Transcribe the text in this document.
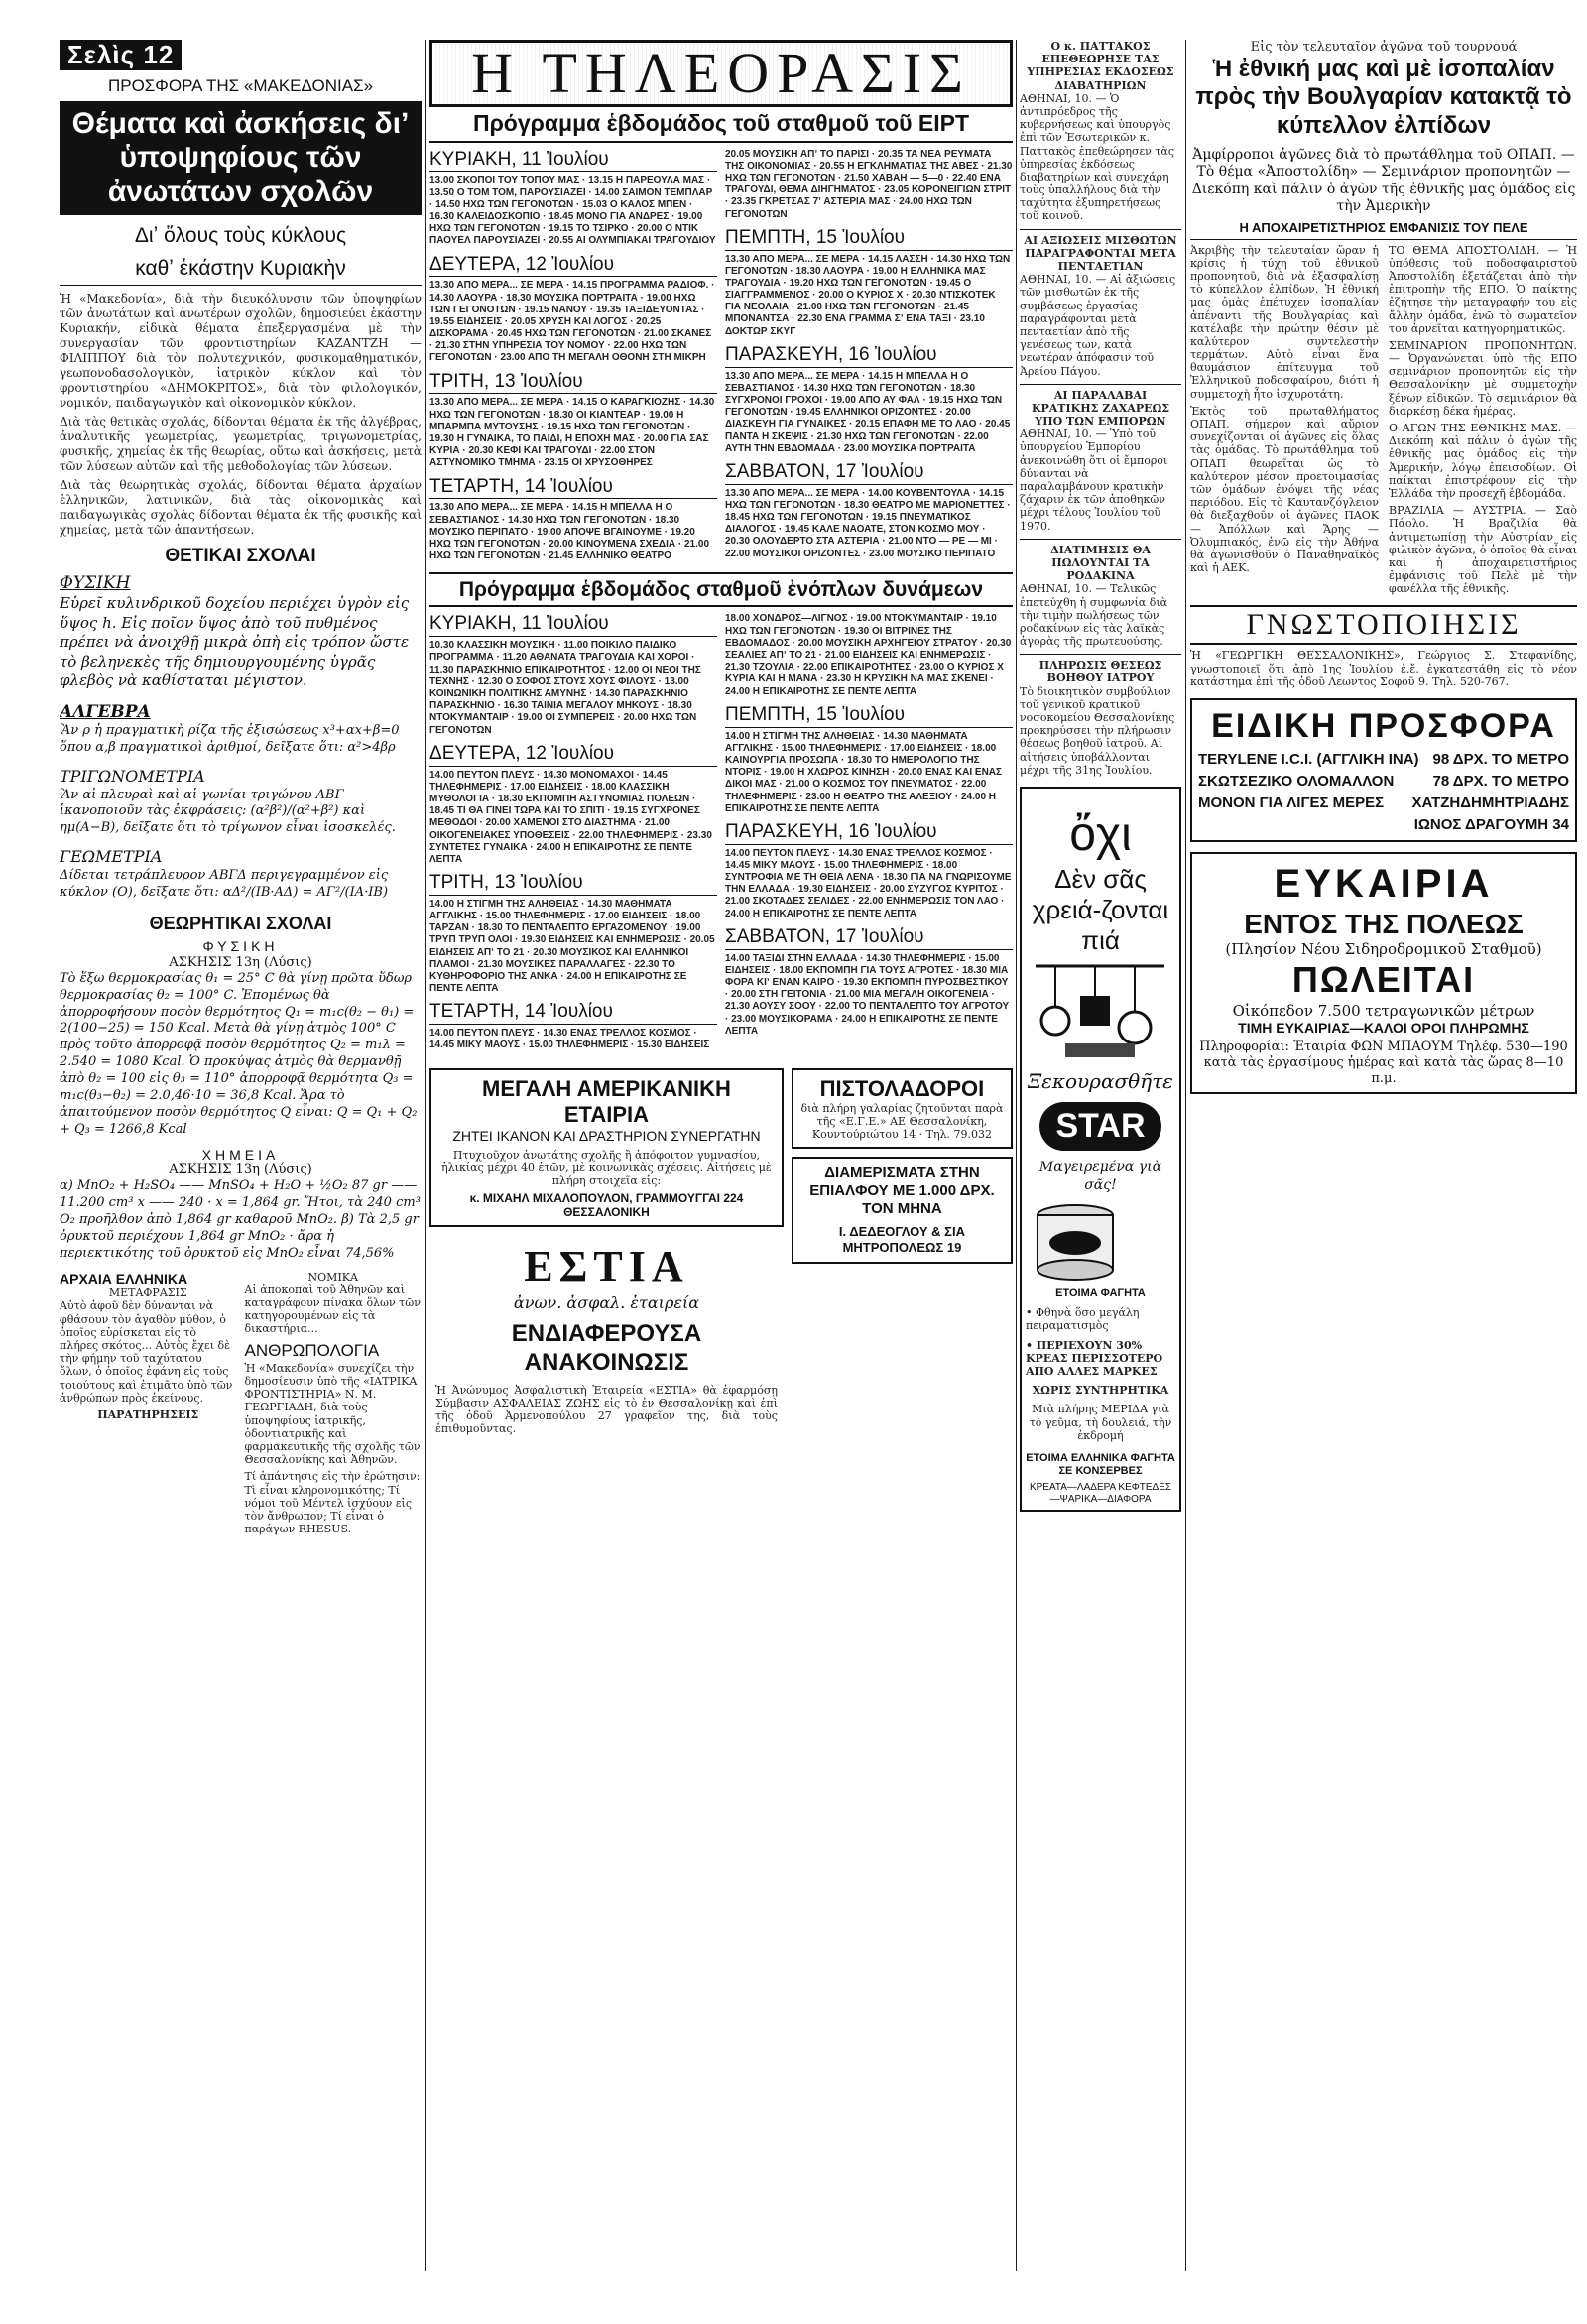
Σελὶς 12
ΠΡΟΣΦΟΡΑ ΤΗΣ «ΜΑΚΕΔΟΝΙΑΣ»
Θέματα καὶ ἀσκήσεις διʼ ὑποψηφίους τῶν ἀνωτάτων σχολῶν
Διʼ ὅλους τοὺς κύκλους
καθʼ ἑκάστην Κυριακὴν

Ἡ «Μακεδονία», διὰ τὴν διευκόλυνσιν τῶν ὑποψηφίων τῶν ἀνωτάτων καὶ ἀνωτέρων σχολῶν, δημοσιεύει ἑκάστην Κυριακήν, εἰδικὰ θέματα ἐπεξεργασμένα μὲ τὴν συνεργασίαν τῶν φροντιστηρίων ΚΑΖΑΝΤΖΗ — ΦΙΛΙΠΠΟΥ διὰ τὸν πολυτεχνικόν, φυσικομαθηματικόν, γεωπονοδασολογικὸν, ἰατρικὸν κύκλον καὶ τὸν φροντιστηρίου «ΔΗΜΟΚΡΙΤΟΣ», διὰ τὸν φιλολογικόν, νομικόν, παιδαγωγικὸν καὶ οἰκονομικὸν κύκλον.

Διὰ τὰς θετικὰς σχολάς, δίδονται θέματα ἐκ τῆς ἀλγέβρας, ἀναλυτικῆς γεωμετρίας, γεωμετρίας, τριγωνομετρίας, φυσικῆς, χημείας ἐκ τῆς θεωρίας, οὕτω καὶ ἀσκήσεις, μετὰ τῶν λύσεων αὐτῶν καὶ τῆς μεθοδολογίας τῶν λύσεων.

Διὰ τὰς θεωρητικὰς σχολάς, δίδονται θέματα ἀρχαίων ἑλληνικῶν, λατινικῶν, διὰ τὰς οἰκονομικὰς καὶ παιδαγωγικὰς σχολὰς δίδονται θέματα ἐκ τῆς φυσικῆς καὶ χημείας, μετὰ τῶν ἀπαντήσεων.

ΘΕΤΙΚΑΙ ΣΧΟΛΑΙ
ΦΥΣΙΚΗ

Εὑρεῖ κυλινδρικοῦ δοχείου περιέχει ὑγρὸν εἰς ὕψος h. Εἰς ποῖον ὕψος ἀπὸ τοῦ πυθμένος πρέπει νὰ ἀνοιχθῇ μικρὰ ὀπὴ εἰς τρόπον ὥστε τὸ βεληνεκὲς τῆς δημιουργουμένης ὑγρᾶς φλεβὸς νὰ καθίσταται μέγιστον.

ΑΛΓΕΒΡΑ

Ἂν ρ ἡ πραγματικὴ ρίζα τῆς ἐξισώσεως x³+αx+β=0 ὅπου α,β πραγματικοὶ ἀριθμοί, δεῖξατε ὅτι: α²>4βρ

ΤΡΙΓΩΝΟΜΕΤΡΙΑ

Ἂν αἱ πλευραὶ καὶ αἱ γωνίαι τριγώνου ΑΒΓ ἱκανοποιοῦν τὰς ἐκφράσεις: (α²β²)/(α²+β²) καὶ ημ(Α−Β), δεῖξατε ὅτι τὸ τρίγωνον εἶναι ἰσοσκελές.

ΓΕΩΜΕΤΡΙΑ

Δίδεται τετράπλευρον ΑΒΓΔ περιγεγραμμένον εἰς κύκλον (Ο), δεῖξατε ὅτι: αΔ²/(ΙΒ·ΑΔ) = ΑΓ²/(ΙΑ·ΙΒ)

ΘΕΩΡΗΤΙΚΑΙ ΣΧΟΛΑΙ
ΦΥΣΙΚΗ
ΑΣΚΗΣΙΣ 13η (Λύσις)

Τὸ ἕξω θερμοκρασίας θ₁ = 25° C θὰ γίνῃ πρῶτα ὕδωρ θερμοκρασίας θ₂ = 100° C. Ἐπομένως θὰ ἀπορροφήσουν ποσὸν θερμότητος Q₁ = m₁c(θ₂ − θ₁) = 2(100−25) = 150 Kcal. Μετὰ θὰ γίνῃ ἀτμὸς 100° C πρὸς τοῦτο ἀπορροφᾷ ποσὸν θερμότητος Q₂ = m₁λ = 2.540 = 1080 Kcal. Ὁ προκύψας ἀτμὸς θὰ θερμανθῇ ἀπὸ θ₂ = 100 εἰς θ₃ = 110° ἀπορροφᾷ θερμότητα Q₃ = m₁c(θ₃−θ₂) = 2.0,46·10 = 36,8 Kcal. Ἄρα τὸ ἀπαιτούμενον ποσὸν θερμότητος Q εἶναι: Q = Q₁ + Q₂ + Q₃ = 1266,8 Kcal

ΧΗΜΕΙΑ
ΑΣΚΗΣΙΣ 13η (Λύσις)

α) MnO₂ + H₂SO₄ —— MnSO₄ + H₂O + ½O₂ 87 gr —— 11.200 cm³ x —— 240 · x = 1,864 gr. Ἤτοι, τὰ 240 cm³ O₂ προῆλθον ἀπὸ 1,864 gr καθαροῦ MnO₂. β) Τὰ 2,5 gr ὀρυκτοῦ περιέχουν 1,864 gr MnO₂ · ἄρα ἡ περιεκτικότης τοῦ ὀρυκτοῦ εἰς MnO₂ εἶναι 74,56%

ΑΡΧΑΙΑ ΕΛΛΗΝΙΚΑ
ΜΕΤΑΦΡΑΣΙΣ

Αὐτὸ ἀφοῦ δὲν δύνανται νὰ φθάσουν τὸν ἀγαθὸν μύθον, ὁ ὁποῖος εὑρίσκεται εἰς τὸ πλήρες σκότος... Αὐτὸς ἔχει δὲ τὴν φήμην τοῦ ταχύτατου ὅλων, ὁ ὁποῖος ἐφάνη εἰς τοὺς τοιούτους καὶ ἐτιμᾶτο ὑπὸ τῶν ἀνθρώπων πρὸς ἐκείνους.

ΠΑΡΑΤΗΡΗΣΕΙΣ
ΝΟΜΙΚΑ

Αἱ ἀποκοπαὶ τοῦ Ἀθηνῶν καὶ καταγράφουν πίνακα ὅλων τῶν κατηγορουμένων εἰς τὰ δικαστήρια...

ΑΝΘΡΩΠΟΛΟΓΙΑ

Ἡ «Μακεδονία» συνεχίζει τὴν δημοσίευσιν ὑπὸ τῆς «ΙΑΤΡΙΚΑ ΦΡΟΝΤΙΣΤΗΡΙΑ» Ν. Μ. ΓΕΩΡΓΙΑΔΗ, διὰ τοὺς ὑποψηφίους ἰατρικῆς, ὀδοντιατρικῆς καὶ φαρμακευτικῆς τῆς σχολῆς τῶν Θεσσαλονίκης καὶ Ἀθηνῶν.

Τί ἀπάντησις εἰς τὴν ἐρώτησιν: Τὶ εἶναι κληρονομικότης; Τί νόμοι τοῦ Μέντελ ἰσχύουν εἰς τὸν ἄνθρωπον; Τί εἶναι ὁ παράγων RHESUS.

Η ΤΗΛΕΟΡΑΣΙΣ
Πρόγραμμα ἑβδομάδος τοῦ σταθμοῦ τοῦ ΕΙΡΤ
ΚΥΡΙΑΚΗ, 11 Ἰουλίου
13.00 ΣΚΟΠΟΙ ΤΟΥ ΤΟΠΟΥ ΜΑΣ · 13.15 Η ΠΑΡΕΟΥΛΑ ΜΑΣ · 13.50 Ο ΤΟΜ ΤΟΜ, ΠΑΡΟΥΣΙΑΖΕΙ · 14.00 ΣΑΙΜΟΝ ΤΕΜΠΛΑΡ · 14.50 ΗΧΩ ΤΩΝ ΓΕΓΟΝΟΤΩΝ · 15.03 Ο ΚΑΛΟΣ ΜΠΕΝ · 16.30 ΚΑΛΕΙΔΟΣΚΟΠΙΟ · 18.45 ΜΟΝΟ ΓΙΑ ΑΝΔΡΕΣ · 19.00 ΗΧΩ ΤΩΝ ΓΕΓΟΝΟΤΩΝ · 19.15 ΤΟ ΤΣΙΡΚΟ · 20.00 Ο ΝΤΙΚ ΠΑΟΥΕΛ ΠΑΡΟΥΣΙΑΖΕΙ · 20.55 ΑΙ ΟΛΥΜΠΙΑΚΑΙ ΤΡΑΓΟΥΔΙΟΥ
ΔΕΥΤΕΡΑ, 12 Ἰουλίου
13.30 ΑΠΟ ΜΕΡΑ... ΣΕ ΜΕΡΑ · 14.15 ΠΡΟΓΡΑΜΜΑ ΡΑΔΙΟΦ. · 14.30 ΛΑΟΥΡΑ · 18.30 ΜΟΥΣΙΚΑ ΠΟΡΤΡΑΙΤΑ · 19.00 ΗΧΩ ΤΩΝ ΓΕΓΟΝΟΤΩΝ · 19.15 ΝΑΝΟΥ · 19.35 ΤΑΞΙΔΕΥΟΝΤΑΣ · 19.55 ΕΙΔΗΣΕΙΣ · 20.05 ΧΡΥΣΗ ΚΑΙ ΛΟΓΟΣ · 20.25 ΔΙΣΚΟΡΑΜΑ · 20.45 ΗΧΩ ΤΩΝ ΓΕΓΟΝΟΤΩΝ · 21.00 ΣΚΑΝΕΣ · 21.30 ΣΤΗΝ ΥΠΗΡΕΣΙΑ ΤΟΥ ΝΟΜΟΥ · 22.00 ΗΧΩ ΤΩΝ ΓΕΓΟΝΟΤΩΝ · 23.00 ΑΠΟ ΤΗ ΜΕΓΑΛΗ ΟΘΟΝΗ ΣΤΗ ΜΙΚΡΗ
ΤΡΙΤΗ, 13 Ἰουλίου
13.30 ΑΠΟ ΜΕΡΑ... ΣΕ ΜΕΡΑ · 14.15 Ο ΚΑΡΑΓΚΙΟΖΗΣ · 14.30 ΗΧΩ ΤΩΝ ΓΕΓΟΝΟΤΩΝ · 18.30 ΟΙ ΚΙΑΝΤΕΑΡ · 19.00 Η ΜΠΑΡΜΠΑ ΜΥΤΟΥΣΗΣ · 19.15 ΗΧΩ ΤΩΝ ΓΕΓΟΝΟΤΩΝ · 19.30 Η ΓΥΝΑΙΚΑ, ΤΟ ΠΑΙΔΙ, Η ΕΠΟΧΗ ΜΑΣ · 20.00 ΓΙΑ ΣΑΣ ΚΥΡΙΑ · 20.30 ΚΕΦΙ ΚΑΙ ΤΡΑΓΟΥΔΙ · 22.00 ΣΤΟΝ ΑΣΤΥΝΟΜΙΚΟ ΤΜΗΜΑ · 23.15 ΟΙ ΧΡΥΣΟΘΗΡΕΣ
ΤΕΤΑΡΤΗ, 14 Ἰουλίου
13.30 ΑΠΟ ΜΕΡΑ... ΣΕ ΜΕΡΑ · 14.15 Η ΜΠΕΛΛΑ Η Ο ΣΕΒΑΣΤΙΑΝΟΣ · 14.30 ΗΧΩ ΤΩΝ ΓΕΓΟΝΟΤΩΝ · 18.30 ΜΟΥΣΙΚΟ ΠΕΡΙΠΑΤΟ · 19.00 ΑΠΟΨΕ ΒΓΑΙΝΟΥΜΕ · 19.20 ΗΧΩ ΤΩΝ ΓΕΓΟΝΟΤΩΝ · 20.00 ΚΙΝΟΥΜΕΝΑ ΣΧΕΔΙΑ · 21.00 ΗΧΩ ΤΩΝ ΓΕΓΟΝΟΤΩΝ · 21.45 ΕΛΛΗΝΙΚΟ ΘΕΑΤΡΟ
20.05 ΜΟΥΣΙΚΗ ΑΠʼ ΤΟ ΠΑΡΙΣΙ · 20.35 ΤΑ ΝΕΑ ΡΕΥΜΑΤΑ ΤΗΣ ΟΙΚΟΝΟΜΙΑΣ · 20.55 Η ΕΓΚΛΗΜΑΤΙΑΣ ΤΗΣ ΑΒΕΣ · 21.30 ΗΧΩ ΤΩΝ ΓΕΓΟΝΟΤΩΝ · 21.50 ΧΑΒΑΗ — 5—0 · 22.40 ΕΝΑ ΤΡΑΓΟΥΔΙ, ΘΕΜΑ ΔΙΗΓΗΜΑΤΟΣ · 23.05 ΚΟΡΟΝΕΙΓΙΩΝ ΣΤΡΙΤ · 23.35 ΓΚΡΕΤΣΑΣ 7ʼ ΑΣΤΕΡΙΑ ΜΑΣ · 24.00 ΗΧΩ ΤΩΝ ΓΕΓΟΝΟΤΩΝ
ΠΕΜΠΤΗ, 15 Ἰουλίου
13.30 ΑΠΟ ΜΕΡΑ... ΣΕ ΜΕΡΑ · 14.15 ΛΑΣΣΗ · 14.30 ΗΧΩ ΤΩΝ ΓΕΓΟΝΟΤΩΝ · 18.30 ΛΑΟΥΡΑ · 19.00 Η ΕΛΛΗΝΙΚΑ ΜΑΣ ΤΡΑΓΟΥΔΙΑ · 19.20 ΗΧΩ ΤΩΝ ΓΕΓΟΝΟΤΩΝ · 19.45 Ο ΣΙΑΓΓΡΑΜΜΕΝΟΣ · 20.00 Ο ΚΥΡΙΟΣ Χ · 20.30 ΝΤΙΣΚΟΤΕΚ ΓΙΑ ΝΕΟΛΑΙΑ · 21.00 ΗΧΩ ΤΩΝ ΓΕΓΟΝΟΤΩΝ · 21.45 ΜΠΟΝΑΝΤΣΑ · 22.30 ΕΝΑ ΓΡΑΜΜΑ Σʼ ΕΝΑ ΤΑΞΙ · 23.10 ΔΟΚΤΩΡ ΣΚΥΓ
ΠΑΡΑΣΚΕΥΗ, 16 Ἰουλίου
13.30 ΑΠΟ ΜΕΡΑ... ΣΕ ΜΕΡΑ · 14.15 Η ΜΠΕΛΛΑ Η Ο ΣΕΒΑΣΤΙΑΝΟΣ · 14.30 ΗΧΩ ΤΩΝ ΓΕΓΟΝΟΤΩΝ · 18.30 ΣΥΓΧΡΟΝΟΙ ΓΡΟΧΟΙ · 19.00 ΑΠΟ ΑΥ ΦΑΛ · 19.15 ΗΧΩ ΤΩΝ ΓΕΓΟΝΟΤΩΝ · 19.45 ΕΛΛΗΝΙΚΟΙ ΟΡΙΖΟΝΤΕΣ · 20.00 ΔΙΑΣΚΕΥΗ ΓΙΑ ΓΥΝΑΙΚΕΣ · 20.15 ΕΠΑΦΗ ΜΕ ΤΟ ΛΑΟ · 20.45 ΠΑΝΤΑ Η ΣΚΕΨΙΣ · 21.30 ΗΧΩ ΤΩΝ ΓΕΓΟΝΟΤΩΝ · 22.00 ΑΥΤΗ ΤΗΝ ΕΒΔΟΜΑΔΑ · 23.00 ΜΟΥΣΙΚΑ ΠΟΡΤΡΑΙΤΑ
ΣΑΒΒΑΤΟΝ, 17 Ἰουλίου
13.30 ΑΠΟ ΜΕΡΑ... ΣΕ ΜΕΡΑ · 14.00 ΚΟΥΒΕΝΤΟΥΛΑ · 14.15 ΗΧΩ ΤΩΝ ΓΕΓΟΝΟΤΩΝ · 18.30 ΘΕΑΤΡΟ ΜΕ ΜΑΡΙΟΝΕΤΤΕΣ · 18.45 ΗΧΩ ΤΩΝ ΓΕΓΟΝΟΤΩΝ · 19.15 ΠΝΕΥΜΑΤΙΚΟΣ ΔΙΑΛΟΓΟΣ · 19.45 ΚΑΛΕ ΝΑΟΑΤΕ, ΣΤΟΝ ΚΟΣΜΟ ΜΟΥ · 20.30 ΟΛΟΥΔΕΡΤΟ ΣΤΑ ΑΣΤΕΡΙΑ · 21.00 ΝΤΟ — ΡΕ — ΜΙ · 22.00 ΜΟΥΣΙΚΟΙ ΟΡΙΖΟΝΤΕΣ · 23.00 ΜΟΥΣΙΚΟ ΠΕΡΙΠΑΤΟ
Πρόγραμμα ἑβδομάδος σταθμοῦ ἐνόπλων δυνάμεων
ΚΥΡΙΑΚΗ, 11 Ἰουλίου
10.30 ΚΛΑΣΣΙΚΗ ΜΟΥΣΙΚΗ · 11.00 ΠΟΙΚΙΛΟ ΠΑΙΔΙΚΟ ΠΡΟΓΡΑΜΜΑ · 11.20 ΑΘΑΝΑΤΑ ΤΡΑΓΟΥΔΙΑ ΚΑΙ ΧΟΡΟΙ · 11.30 ΠΑΡΑΣΚΗΝΙΟ ΕΠΙΚΑΙΡΟΤΗΤΟΣ · 12.00 ΟΙ ΝΕΟΙ ΤΗΣ ΤΕΧΝΗΣ · 12.30 Ο ΣΟΦΟΣ ΣΤΟΥΣ ΧΟΥΣ ΦΙΛΟΥΣ · 13.00 ΚΟΙΝΩΝΙΚΗ ΠΟΛΙΤΙΚΗΣ ΑΜΥΝΗΣ · 14.30 ΠΑΡΑΣΚΗΝΙΟ ΠΑΡΑΣΚΗΝΙΟ · 16.30 ΤΑΙΝΙΑ ΜΕΓΑΛΟΥ ΜΗΚΟΥΣ · 18.30 ΝΤΟΚΥΜΑΝΤΑΙΡ · 19.00 ΟΙ ΣΥΜΠΕΡΕΙΣ · 20.00 ΗΧΩ ΤΩΝ ΓΕΓΟΝΟΤΩΝ
ΔΕΥΤΕΡΑ, 12 Ἰουλίου
14.00 ΠΕΥΤΟΝ ΠΛΕΥΣ · 14.30 ΜΟΝΟΜΑΧΟΙ · 14.45 ΤΗΛΕΦΗΜΕΡΙΣ · 17.00 ΕΙΔΗΣΕΙΣ · 18.00 ΚΛΑΣΣΙΚΗ ΜΥΘΟΛΟΓΙΑ · 18.30 ΕΚΠΟΜΠΗ ΑΣΤΥΝΟΜΙΑΣ ΠΟΛΕΩΝ · 18.45 ΤΙ ΘΑ ΓΙΝΕΙ ΤΩΡΑ ΚΑΙ ΤΟ ΣΠΙΤΙ · 19.15 ΣΥΓΧΡΟΝΕΣ ΜΕΘΟΔΟΙ · 20.00 ΧΑΜΕΝΟΙ ΣΤΟ ΔΙΑΣΤΗΜΑ · 21.00 ΟΙΚΟΓΕΝΕΙΑΚΕΣ ΥΠΟΘΕΣΕΙΣ · 22.00 ΤΗΛΕΦΗΜΕΡΙΣ · 23.30 ΣΥΝΤΕΤΕΣ ΓΥΝΑΙΚΑ · 24.00 Η ΕΠΙΚΑΙΡΟΤΗΣ ΣΕ ΠΕΝΤΕ ΛΕΠΤΑ
ΤΡΙΤΗ, 13 Ἰουλίου
14.00 Η ΣΤΙΓΜΗ ΤΗΣ ΑΛΗΘΕΙΑΣ · 14.30 ΜΑΘΗΜΑΤΑ ΑΓΓΛΙΚΗΣ · 15.00 ΤΗΛΕΦΗΜΕΡΙΣ · 17.00 ΕΙΔΗΣΕΙΣ · 18.00 ΤΑΡΖΑΝ · 18.30 ΤΟ ΠΕΝΤΑΛΕΠΤΟ ΕΡΓΑΖΟΜΕΝΟΥ · 19.00 ΤΡΥΠ ΤΡΥΠ ΟΛΟΙ · 19.30 ΕΙΔΗΣΕΙΣ ΚΑΙ ΕΝΗΜΕΡΩΣΙΣ · 20.05 ΕΙΔΗΣΕΙΣ ΑΠʼ ΤΟ 21 · 20.30 ΜΟΥΣΙΚΟΣ ΚΑΙ ΕΛΛΗΝΙΚΟΙ ΠΛΑΜΟΙ · 21.30 ΜΟΥΣΙΚΕΣ ΠΑΡΑΛΛΑΓΕΣ · 22.30 ΤΟ ΚΥΘΗΡΟΦΟΡΙΟ ΤΗΣ ΑΝΚΑ · 24.00 Η ΕΠΙΚΑΙΡΟΤΗΣ ΣΕ ΠΕΝΤΕ ΛΕΠΤΑ
ΤΕΤΑΡΤΗ, 14 Ἰουλίου
14.00 ΠΕΥΤΟΝ ΠΛΕΥΣ · 14.30 ΕΝΑΣ ΤΡΕΛΛΟΣ ΚΟΣΜΟΣ · 14.45 ΜΙΚΥ ΜΑΟΥΣ · 15.00 ΤΗΛΕΦΗΜΕΡΙΣ · 15.30 ΕΙΔΗΣΕΙΣ
18.00 ΧΟΝΔΡΟΣ—ΛΙΓΝΟΣ · 19.00 ΝΤΟΚΥΜΑΝΤΑΙΡ · 19.10 ΗΧΩ ΤΩΝ ΓΕΓΟΝΟΤΩΝ · 19.30 ΟΙ ΒΙΤΡΙΝΕΣ ΤΗΣ ΕΒΔΟΜΑΔΟΣ · 20.00 ΜΟΥΣΙΚΗ ΑΡΧΗΓΕΙΟΥ ΣΤΡΑΤΟΥ · 20.30 ΣΕΑΛΙΕΣ ΑΠʼ ΤΟ 21 · 21.00 ΕΙΔΗΣΕΙΣ ΚΑΙ ΕΝΗΜΕΡΩΣΙΣ · 21.30 ΤΖΟΥΛΙΑ · 22.00 ΕΠΙΚΑΙΡΟΤΗΤΕΣ · 23.00 Ο ΚΥΡΙΟΣ Χ ΚΥΡΙΑ ΚΑΙ Η ΜΑΝΑ · 23.30 Η ΚΡΥΣΙΚΗ ΝΑ ΜΑΣ ΣΚΕΝΕΙ · 24.00 Η ΕΠΙΚΑΙΡΟΤΗΣ ΣΕ ΠΕΝΤΕ ΛΕΠΤΑ
ΠΕΜΠΤΗ, 15 Ἰουλίου
14.00 Η ΣΤΙΓΜΗ ΤΗΣ ΑΛΗΘΕΙΑΣ · 14.30 ΜΑΘΗΜΑΤΑ ΑΓΓΛΙΚΗΣ · 15.00 ΤΗΛΕΦΗΜΕΡΙΣ · 17.00 ΕΙΔΗΣΕΙΣ · 18.00 ΚΑΙΝΟΥΡΓΙΑ ΠΡΟΣΩΠΑ · 18.30 ΤΟ ΗΜΕΡΟΛΟΓΙΟ ΤΗΣ ΝΤΟΡΙΣ · 19.00 Η ΧΛΩΡΟΣ ΚΙΝΗΣΗ · 20.00 ΕΝΑΣ ΚΑΙ ΕΝΑΣ ΔΙΚΟΙ ΜΑΣ · 21.00 Ο ΚΟΣΜΟΣ ΤΟΥ ΠΝΕΥΜΑΤΟΣ · 22.00 ΤΗΛΕΦΗΜΕΡΙΣ · 23.00 Η ΘΕΑΤΡΟ ΤΗΣ ΑΛΕΞΙΟΥ · 24.00 Η ΕΠΙΚΑΙΡΟΤΗΣ ΣΕ ΠΕΝΤΕ ΛΕΠΤΑ
ΠΑΡΑΣΚΕΥΗ, 16 Ἰουλίου
14.00 ΠΕΥΤΟΝ ΠΛΕΥΣ · 14.30 ΕΝΑΣ ΤΡΕΛΛΟΣ ΚΟΣΜΟΣ · 14.45 ΜΙΚΥ ΜΑΟΥΣ · 15.00 ΤΗΛΕΦΗΜΕΡΙΣ · 18.00 ΣΥΝΤΡΟΦΙΑ ΜΕ ΤΗ ΘΕΙΑ ΛΕΝΑ · 18.30 ΓΙΑ ΝΑ ΓΝΩΡΙΣΟΥΜΕ ΤΗΝ ΕΛΛΑΔΑ · 19.30 ΕΙΔΗΣΕΙΣ · 20.00 ΣΥΖΥΓΟΣ ΚΥΡΙΤΟΣ · 21.00 ΣΚΟΤΑΔΕΣ ΣΕΛΙΔΕΣ · 22.00 ΕΝΗΜΕΡΩΣΙΣ ΤΟΝ ΛΑΟ · 24.00 Η ΕΠΙΚΑΙΡΟΤΗΣ ΣΕ ΠΕΝΤΕ ΛΕΠΤΑ
ΣΑΒΒΑΤΟΝ, 17 Ἰουλίου
14.00 ΤΑΞΙΔΙ ΣΤΗΝ ΕΛΛΑΔΑ · 14.30 ΤΗΛΕΦΗΜΕΡΙΣ · 15.00 ΕΙΔΗΣΕΙΣ · 18.00 ΕΚΠΟΜΠΗ ΓΙΑ ΤΟΥΣ ΑΓΡΟΤΕΣ · 18.30 ΜΙΑ ΦΟΡΑ ΚΙʼ ΕΝΑΝ ΚΑΙΡΟ · 19.30 ΕΚΠΟΜΠΗ ΠΥΡΟΣΒΕΣΤΙΚΟΥ · 20.00 ΣΤΗ ΓΕΙΤΟΝΙΑ · 21.00 ΜΙΑ ΜΕΓΑΛΗ ΟΙΚΟΓΕΝΕΙΑ · 21.30 ΑΟΥΣΥ ΣΟΟΥ · 22.00 ΤΟ ΠΕΝΤΑΛΕΠΤΟ ΤΟΥ ΑΓΡΟΤΟΥ · 23.00 ΜΟΥΣΙΚΟΡΑΜΑ · 24.00 Η ΕΠΙΚΑΙΡΟΤΗΣ ΣΕ ΠΕΝΤΕ ΛΕΠΤΑ
ΜΕΓΑΛΗ ΑΜΕΡΙΚΑΝΙΚΗ ΕΤΑΙΡΙΑ
ΖΗΤΕΙ ΙΚΑΝΟΝ ΚΑΙ ΔΡΑΣΤΗΡΙΟΝ ΣΥΝΕΡΓΑΤΗΝ

Πτυχιοῦχον ἀνωτάτης σχολῆς ἢ ἀπόφοιτον γυμνασίου, ἡλικίας μέχρι 40 ἐτῶν, μὲ κοινωνικὰς σχέσεις. Αἰτήσεις μὲ πλήρη στοιχεῖα εἰς:

κ. ΜΙΧΑΗΛ ΜΙΧΑΛΟΠΟΥΛΟΝ, ΓΡΑΜΜΟΥΓΓΑΙ 224 ΘΕΣΣΑΛΟΝΙΚΗ
ΕΣΤΙΑ
ἀνων. ἀσφαλ. ἑταιρεία
ΕΝΔΙΑΦΕΡΟΥΣΑ ΑΝΑΚΟΙΝΩΣΙΣ

Ἡ Ἀνώνυμος Ἀσφαλιστικὴ Ἑταιρεία «ΕΣΤΙΑ» θὰ ἐφαρμόσῃ Σύμβασιν ΑΣΦΑΛΕΙΑΣ ΖΩΗΣ εἰς τὸ ἐν Θεσσαλονίκῃ καὶ ἐπὶ τῆς ὁδοῦ Ἀρμενοπούλου 27 γραφεῖον της, διὰ τοὺς ἐπιθυμοῦντας.

ΠΙΣΤΟΛΑΔΟΡΟΙ

διὰ πλήρη γαλαρίας ζητοῦνται παρὰ τῆς «Ε.Γ.Ε.» ΑΕ Θεσσαλονίκη, Κουντούριώτου 14 · Τηλ. 79.032

ΔΙΑΜΕΡΙΣΜΑΤΑ ΣΤΗΝ ΕΠΙΑΛΦΟΥ ΜΕ 1.000 ΔΡΧ. ΤΟΝ ΜΗΝΑ
Ι. ΔΕΔΕΟΓΛΟΥ & ΣΙΑ ΜΗΤΡΟΠΟΛΕΩΣ 19
Ο κ. ΠΑΤΤΑΚΟΣ ΕΠΕΘΕΩΡΗΣΕ ΤΑΣ ΥΠΗΡΕΣΙΑΣ ΕΚΔΟΣΕΩΣ ΔΙΑΒΑΤΗΡΙΩΝ

ΑΘΗΝΑΙ, 10. — Ὁ ἀντιπρόεδρος τῆς κυβερνήσεως καὶ ὑπουργὸς ἐπὶ τῶν Ἐσωτερικῶν κ. Παττακὸς ἐπεθεώρησεν τὰς ὑπηρεσίας ἐκδόσεως διαβατηρίων καὶ συνεχάρη τοὺς ὑπαλλήλους διὰ τὴν ταχύτητα ἐξυπηρετήσεως τοῦ κοινοῦ.

ΑΙ ΑΞΙΩΣΕΙΣ ΜΙΣΘΩΤΩΝ ΠΑΡΑΓΡΑΦΟΝΤΑΙ ΜΕΤΑ ΠΕΝΤΑΕΤΙΑΝ

ΑΘΗΝΑΙ, 10. — Αἱ ἀξιώσεις τῶν μισθωτῶν ἐκ τῆς συμβάσεως ἐργασίας παραγράφονται μετὰ πενταετίαν ἀπὸ τῆς γενέσεως των, κατὰ νεωτέραν ἀπόφασιν τοῦ Ἀρείου Πάγου.

ΑΙ ΠΑΡΑΛΑΒΑΙ ΚΡΑΤΙΚΗΣ ΖΑΧΑΡΕΩΣ ΥΠΟ ΤΩΝ ΕΜΠΟΡΩΝ

ΑΘΗΝΑΙ, 10. — Ὑπὸ τοῦ ὑπουργείου Ἐμπορίου ἀνεκοινώθη ὅτι οἱ ἔμποροι δύνανται νὰ παραλαμβάνουν κρατικὴν ζάχαριν ἐκ τῶν ἀποθηκῶν μέχρι τέλους Ἰουλίου τοῦ 1970.

ΔΙΑΤΙΜΗΣΙΣ ΘΑ ΠΩΛΟΥΝΤΑΙ ΤΑ ΡΟΔΑΚΙΝΑ

ΑΘΗΝΑΙ, 10. — Τελικῶς ἐπετεύχθη ἡ συμφωνία διὰ τὴν τιμὴν πωλήσεως τῶν ροδακίνων εἰς τὰς λαϊκὰς ἀγορὰς τῆς πρωτευούσης.

ΠΛΗΡΩΣΙΣ ΘΕΣΕΩΣ ΒΟΗΘΟΥ ΙΑΤΡΟΥ

Τὸ διοικητικὸν συμβούλιον τοῦ γενικοῦ κρατικοῦ νοσοκομείου Θεσσαλονίκης προκηρύσσει τὴν πλήρωσιν θέσεως βοηθοῦ ἰατροῦ. Αἱ αἰτήσεις ὑποβάλλονται μέχρι τῆς 31ης Ἰουλίου.

ὄχι
Δὲν σᾶς χρειά-ζονται πιά
Ξεκουρασθῆτε
STAR
Μαγειρεμένα γιὰ σᾶς!
ΕΤΟΙΜΑ ΦΑΓΗΤΑ

• Φθηνὰ ὅσο μεγάλη πειραματισμὸς

• ΠΕΡΙΕΧΟΥΝ 30% ΚΡΕΑΣ ΠΕΡΙΣΣΟΤΕΡΟ ΑΠΟ ΑΛΛΕΣ ΜΑΡΚΕΣ

ΧΩΡΙΣ ΣΥΝΤΗΡΗΤΙΚΑ

Μιὰ πλήρης ΜΕΡΙΔΑ γιὰ τὸ γεῦμα, τὴ δουλειά, τὴν ἐκδρομή

ΕΤΟΙΜΑ ΕΛΛΗΝΙΚΑ ΦΑΓΗΤΑ ΣΕ ΚΟΝΣΕΡΒΕΣ
ΚΡΕΑΤΑ—ΛΑΔΕΡΑ ΚΕΦΤΕΔΕΣ—ΨΑΡΙΚΑ—ΔΙΑΦΟΡΑ
Εἰς τὸν τελευταῖον ἀγῶνα τοῦ τουρνουά
Ἡ ἐθνική μας καὶ μὲ ἰσοπαλίαν πρὸς τὴν Βουλγαρίαν κατακτᾷ τὸ κύπελλον ἐλπίδων

Ἀμφίρροποι ἀγῶνες διὰ τὸ πρωτάθλημα τοῦ ΟΠΑΠ. — Τὸ θέμα «Ἀποστολίδη» — Σεμινάριον προπονητῶν — Διεκόπη καὶ πάλιν ὁ ἀγὼν τῆς ἐθνικῆς μας ὁμάδος εἰς τὴν Ἀμερικὴν

Η ΑΠΟΧΑΙΡΕΤΙΣΤΗΡΙΟΣ ΕΜΦΑΝΙΣΙΣ ΤΟΥ ΠΕΛΕ

Ἀκριβὴς τὴν τελευταίαν ὥραν ἡ κρίσις ἡ τύχη τοῦ ἐθνικοῦ προπονητοῦ, διὰ νὰ ἐξασφαλίσῃ τὸ κύπελλον ἐλπίδων. Ἡ ἐθνική μας ὁμὰς ἐπέτυχεν ἰσοπαλίαν ἀπέναντι τῆς Βουλγαρίας καὶ κατέλαβε τὴν πρώτην θέσιν μὲ καλύτερον συντελεστὴν τερμάτων. Αὐτὸ εἶναι ἕνα θαυμάσιον ἐπίτευγμα τοῦ Ἑλληνικοῦ ποδοσφαίρου, διότι ἡ συμμετοχὴ ἦτο ἰσχυροτάτη.

Ἐκτὸς τοῦ πρωταθλήματος ΟΠΑΠ, σήμερον καὶ αὔριον συνεχίζονται οἱ ἀγῶνες εἰς ὅλας τὰς ὁμάδας. Τὸ πρωτάθλημα τοῦ ΟΠΑΠ θεωρεῖται ὡς τὸ καλύτερον μέσον προετοιμασίας τῶν ὁμάδων ἐνόψει τῆς νέας περιόδου. Εἰς τὸ Καυτανζόγλειον θὰ διεξαχθοῦν οἱ ἀγῶνες ΠΑΟΚ — Ἀπόλλων καὶ Ἄρης — Ὀλυμπιακός, ἐνῶ εἰς τὴν Ἀθήνα θὰ ἀγωνισθοῦν ὁ Παναθηναϊκὸς καὶ ἡ ΑΕΚ.

ΤΟ ΘΕΜΑ ΑΠΟΣΤΟΛΙΔΗ. — Ἡ ὑπόθεσις τοῦ ποδοσφαιριστοῦ Ἀποστολίδη ἐξετάζεται ἀπὸ τὴν ἐπιτροπὴν τῆς ΕΠΟ. Ὁ παίκτης ἐζήτησε τὴν μεταγραφήν του εἰς ἄλλην ὁμάδα, ἐνῶ τὸ σωματεῖον του ἀρνεῖται κατηγορηματικῶς.

ΣΕΜΙΝΑΡΙΟΝ ΠΡΟΠΟΝΗΤΩΝ. — Ὀργανώνεται ὑπὸ τῆς ΕΠΟ σεμινάριον προπονητῶν εἰς τὴν Θεσσαλονίκην μὲ συμμετοχὴν ξένων εἰδικῶν. Τὸ σεμινάριον θὰ διαρκέσῃ δέκα ἡμέρας.

Ο ΑΓΩΝ ΤΗΣ ΕΘΝΙΚΗΣ ΜΑΣ. — Διεκόπη καὶ πάλιν ὁ ἀγὼν τῆς ἐθνικῆς μας ὁμάδος εἰς τὴν Ἀμερικήν, λόγῳ ἐπεισοδίων. Οἱ παίκται ἐπιστρέφουν εἰς τὴν Ἑλλάδα τὴν προσεχῆ ἑβδομάδα.

ΒΡΑΖΙΛΙΑ — ΑΥΣΤΡΙΑ. — Σαὸ Πάολο. Ἡ Βραζιλία θὰ ἀντιμετωπίσῃ τὴν Αὐστρίαν εἰς φιλικὸν ἀγῶνα, ὁ ὁποῖος θὰ εἶναι καὶ ἡ ἀποχαιρετιστήριος ἐμφάνισις τοῦ Πελὲ μὲ τὴν φανέλλα τῆς ἐθνικῆς.

ΓΝΩΣΤΟΠΟΙΗΣΙΣ

Ἡ «ΓΕΩΡΓΙΚΗ ΘΕΣΣΑΛΟΝΙΚΗΣ», Γεώργιος Σ. Στεφανίδης, γνωστοποιεῖ ὅτι ἀπὸ 1ης Ἰουλίου ἐ.ἔ. ἐγκατεστάθη εἰς τὸ νέον κατάστημα ἐπὶ τῆς ὁδοῦ Λεωντος Σοφοῦ 9. Τηλ. 520-767.

ΕΙΔΙΚΗ ΠΡΟΣΦΟΡΑ
TERYLENE I.C.I. (ΑΓΓΛΙΚΗ ΙΝΑ) 98 ΔΡΧ. ΤΟ ΜΕΤΡΟ
ΣΚΩΤΣΕΖΙΚΟ ΟΛΟΜΑΛΛΟΝ	78 ΔΡΧ. ΤΟ ΜΕΤΡΟ
ΜΟΝΟΝ ΓΙΑ ΛΙΓΕΣ ΜΕΡΕΣ ΧΑΤΖΗΔΗΜΗΤΡΙΑΔΗΣ
ΙΩΝΟΣ ΔΡΑΓΟΥΜΗ 34
ΕΥΚΑΙΡΙΑ
ΕΝΤΟΣ ΤΗΣ ΠΟΛΕΩΣ
(Πλησίον Νέου Σιδηροδρομικοῦ Σταθμοῦ)
ΠΩΛΕΙΤΑΙ
Οἰκόπεδον 7.500 τετραγωνικῶν μέτρων
ΤΙΜΗ ΕΥΚΑΙΡΙΑΣ—ΚΑΛΟΙ ΟΡΟΙ ΠΛΗΡΩΜΗΣ

Πληροφορίαι: Ἑταιρία ΦΩΝ ΜΠΑΟΥΜ Τηλέφ. 530—190 κατὰ τὰς ἐργασίμους ἡμέρας καὶ κατὰ τὰς ὥρας 8—10 π.μ.
